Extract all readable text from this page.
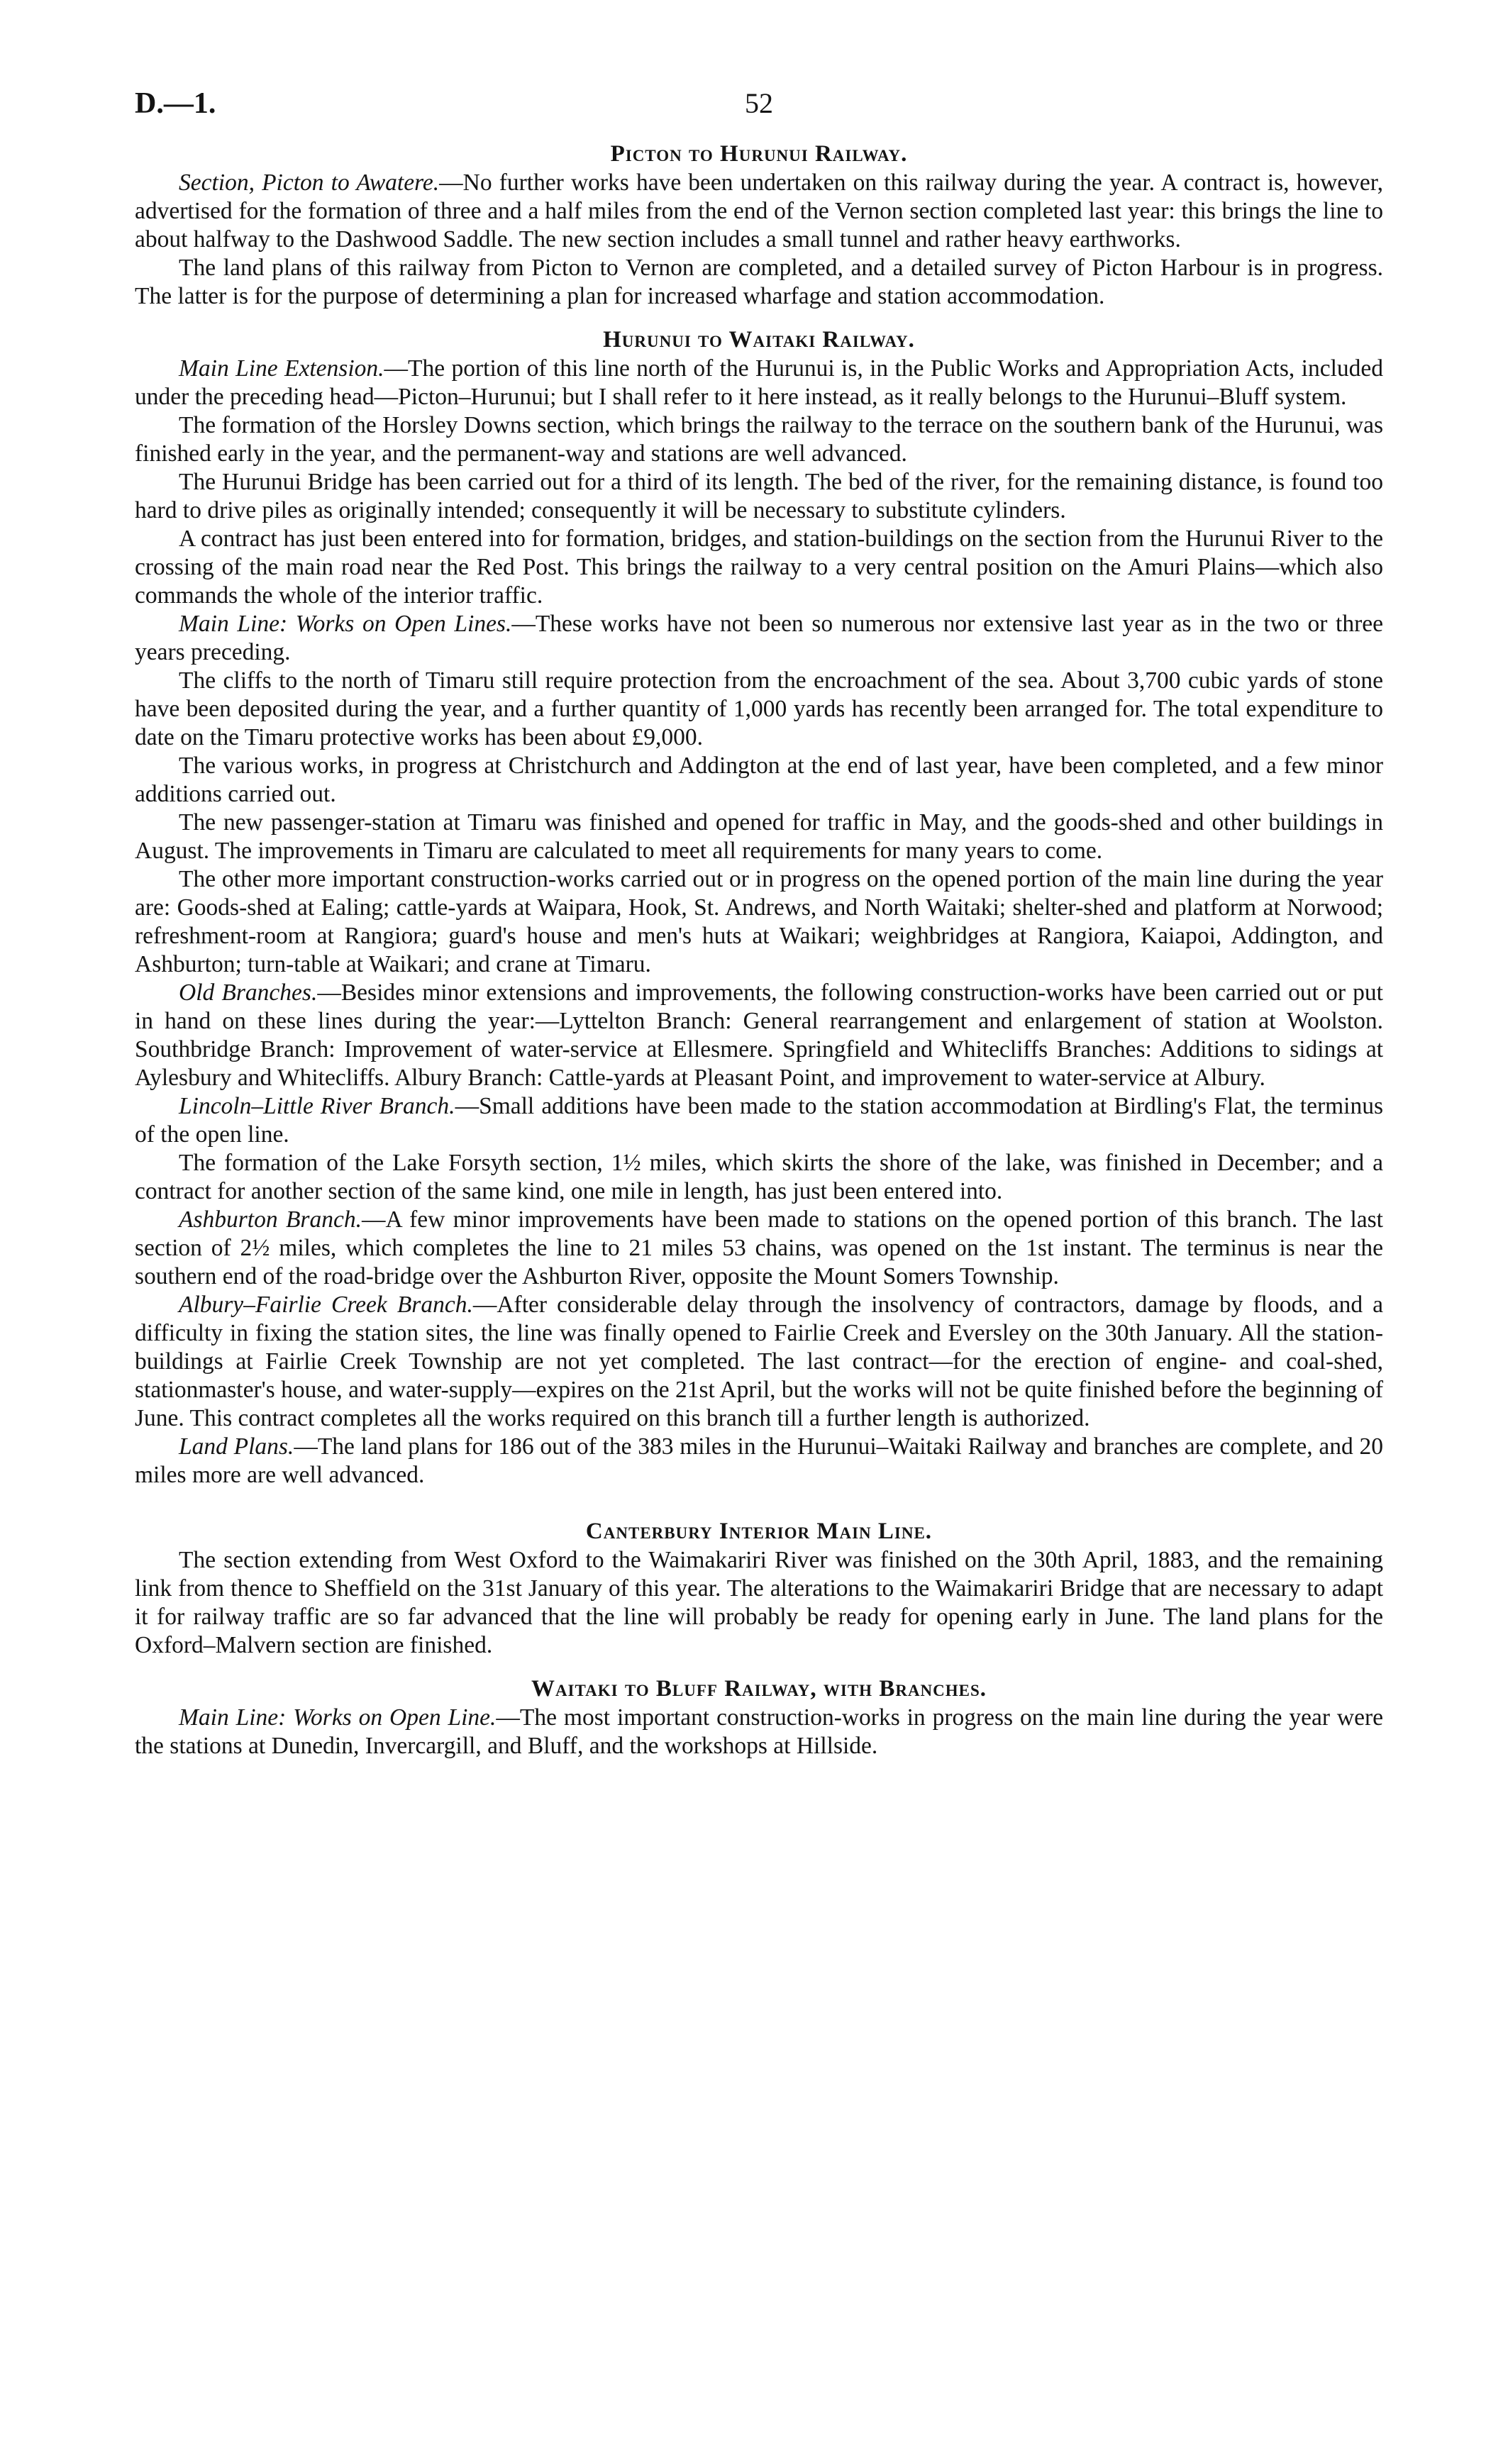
D.—1.	52
Picton to Hurunui Railway.

Section, Picton to Awatere.—No further works have been undertaken on this railway during the year. A contract is, however, advertised for the formation of three and a half miles from the end of the Vernon section completed last year: this brings the line to about halfway to the Dashwood Saddle. The new section includes a small tunnel and rather heavy earthworks.

The land plans of this railway from Picton to Vernon are completed, and a detailed survey of Picton Harbour is in progress. The latter is for the purpose of determining a plan for increased wharfage and station accommodation.

Hurunui to Waitaki Railway.

Main Line Extension.—The portion of this line north of the Hurunui is, in the Public Works and Appropriation Acts, included under the preceding head—Picton–Hurunui; but I shall refer to it here instead, as it really belongs to the Hurunui–Bluff system.

The formation of the Horsley Downs section, which brings the railway to the terrace on the southern bank of the Hurunui, was finished early in the year, and the permanent-way and stations are well advanced.

The Hurunui Bridge has been carried out for a third of its length. The bed of the river, for the remaining distance, is found too hard to drive piles as originally intended; consequently it will be necessary to substitute cylinders.

A contract has just been entered into for formation, bridges, and station-buildings on the section from the Hurunui River to the crossing of the main road near the Red Post. This brings the railway to a very central position on the Amuri Plains—which also commands the whole of the interior traffic.

Main Line: Works on Open Lines.—These works have not been so numerous nor extensive last year as in the two or three years preceding.

The cliffs to the north of Timaru still require protection from the encroachment of the sea. About 3,700 cubic yards of stone have been deposited during the year, and a further quantity of 1,000 yards has recently been arranged for. The total expenditure to date on the Timaru protective works has been about £9,000.

The various works, in progress at Christchurch and Addington at the end of last year, have been completed, and a few minor additions carried out.

The new passenger-station at Timaru was finished and opened for traffic in May, and the goods-shed and other buildings in August. The improvements in Timaru are calculated to meet all requirements for many years to come.

The other more important construction-works carried out or in progress on the opened portion of the main line during the year are: Goods-shed at Ealing; cattle-yards at Waipara, Hook, St. Andrews, and North Waitaki; shelter-shed and platform at Norwood; refreshment-room at Rangiora; guard's house and men's huts at Waikari; weighbridges at Rangiora, Kaiapoi, Addington, and Ashburton; turn-table at Waikari; and crane at Timaru.

Old Branches.—Besides minor extensions and improvements, the following construction-works have been carried out or put in hand on these lines during the year:—Lyttelton Branch: General rearrangement and enlargement of station at Woolston. Southbridge Branch: Improvement of water-service at Ellesmere. Springfield and Whitecliffs Branches: Additions to sidings at Aylesbury and Whitecliffs. Albury Branch: Cattle-yards at Pleasant Point, and improvement to water-service at Albury.

Lincoln–Little River Branch.—Small additions have been made to the station accommodation at Birdling's Flat, the terminus of the open line.

The formation of the Lake Forsyth section, 1½ miles, which skirts the shore of the lake, was finished in December; and a contract for another section of the same kind, one mile in length, has just been entered into.

Ashburton Branch.—A few minor improvements have been made to stations on the opened portion of this branch. The last section of 2½ miles, which completes the line to 21 miles 53 chains, was opened on the 1st instant. The terminus is near the southern end of the road-bridge over the Ashburton River, opposite the Mount Somers Township.

Albury–Fairlie Creek Branch.—After considerable delay through the insolvency of contractors, damage by floods, and a difficulty in fixing the station sites, the line was finally opened to Fairlie Creek and Eversley on the 30th January. All the station-buildings at Fairlie Creek Township are not yet completed. The last contract—for the erection of engine- and coal-shed, stationmaster's house, and water-supply—expires on the 21st April, but the works will not be quite finished before the beginning of June. This contract completes all the works required on this branch till a further length is authorized.

Land Plans.—The land plans for 186 out of the 383 miles in the Hurunui–Waitaki Railway and branches are complete, and 20 miles more are well advanced.

Canterbury Interior Main Line.

The section extending from West Oxford to the Waimakariri River was finished on the 30th April, 1883, and the remaining link from thence to Sheffield on the 31st January of this year. The alterations to the Waimakariri Bridge that are necessary to adapt it for railway traffic are so far advanced that the line will probably be ready for opening early in June. The land plans for the Oxford–Malvern section are finished.

Waitaki to Bluff Railway, with Branches.

Main Line: Works on Open Line.—The most important construction-works in progress on the main line during the year were the stations at Dunedin, Invercargill, and Bluff, and the workshops at Hillside.
